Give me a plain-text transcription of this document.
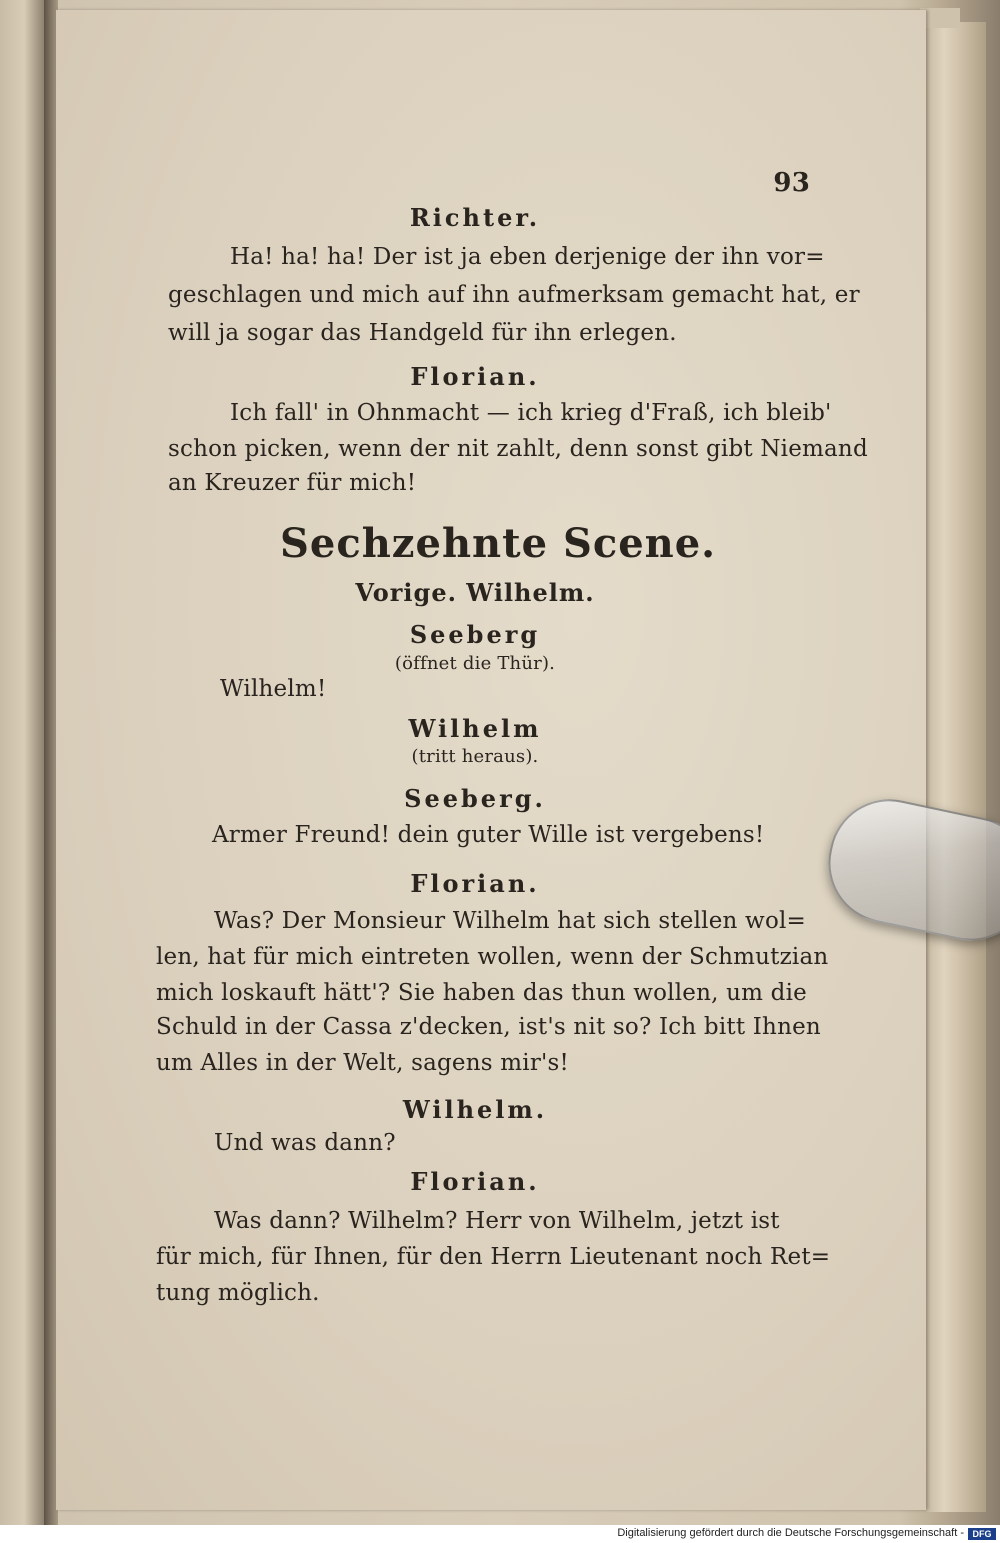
93
Richter.
Ha! ha! ha! Der ist ja eben derjenige der ihn vor=
geschlagen und mich auf ihn aufmerksam gemacht hat, er
will ja sogar das Handgeld für ihn erlegen.
Florian.
Ich fall' in Ohnmacht — ich krieg d'Fraß, ich bleib'
schon picken, wenn der nit zahlt, denn sonst gibt Niemand
an Kreuzer für mich!
Sechzehnte Scene.
Vorige. Wilhelm.
Seeberg
(öffnet die Thür).
Wilhelm!
Wilhelm
(tritt heraus).
Seeberg.
Armer Freund! dein guter Wille ist vergebens!
Florian.
Was? Der Monsieur Wilhelm hat sich stellen wol=
len, hat für mich eintreten wollen, wenn der Schmutzian
mich loskauft hätt'? Sie haben das thun wollen, um die
Schuld in der Cassa z'decken, ist's nit so? Ich bitt Ihnen
um Alles in der Welt, sagens mir's!
Wilhelm.
Und was dann?
Florian.
Was dann? Wilhelm? Herr von Wilhelm, jetzt ist
für mich, für Ihnen, für den Herrn Lieutenant noch Ret=
tung möglich.
Digitalisierung gefördert durch die Deutsche Forschungsgemeinschaft - DFG
